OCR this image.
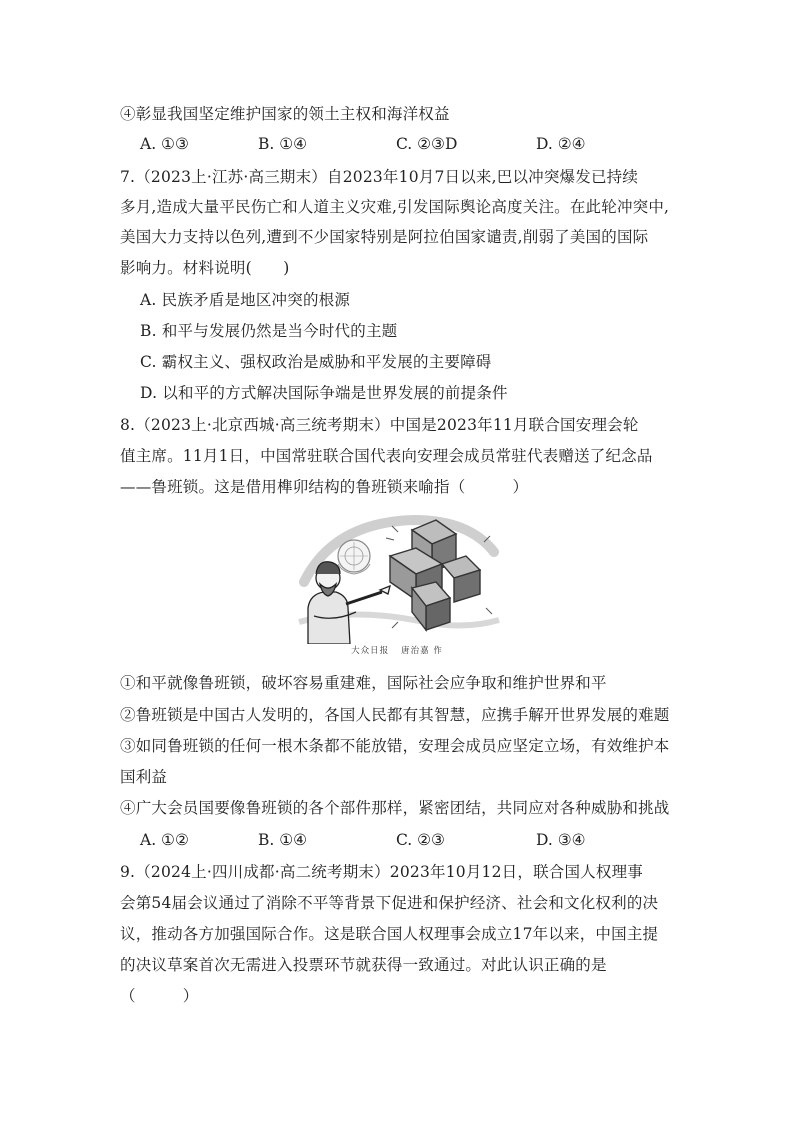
④彰显我国坚定维护国家的领土主权和海洋权益
A. ①③	B. ①④	C. ②③D	D. ②④
7.（2023上·江苏·高三期末）自2023年10月7日以来,巴以冲突爆发已持续
多月,造成大量平民伤亡和人道主义灾难,引发国际舆论高度关注。在此轮冲突中,
美国大力支持以色列,遭到不少国家特别是阿拉伯国家谴责,削弱了美国的国际
影响力。材料说明(　　)
A. 民族矛盾是地区冲突的根源
B. 和平与发展仍然是当今时代的主题
C. 霸权主义、强权政治是威胁和平发展的主要障碍
D. 以和平的方式解决国际争端是世界发展的前提条件
8.（2023上·北京西城·高三统考期末）中国是2023年11月联合国安理会轮
值主席。11月1日，中国常驻联合国代表向安理会成员常驻代表赠送了纪念品
——鲁班锁。这是借用榫卯结构的鲁班锁来喻指（　　　）
大众日报 唐治嘉 作
①和平就像鲁班锁，破坏容易重建难，国际社会应争取和维护世界和平
②鲁班锁是中国古人发明的，各国人民都有其智慧，应携手解开世界发展的难题
③如同鲁班锁的任何一根木条都不能放错，安理会成员应坚定立场，有效维护本
国利益
④广大会员国要像鲁班锁的各个部件那样，紧密团结，共同应对各种威胁和挑战
A. ①②	B. ①④	C. ②③	D. ③④
9.（2024上·四川成都·高二统考期末）2023年10月12日，联合国人权理事
会第54届会议通过了消除不平等背景下促进和保护经济、社会和文化权利的决
议，推动各方加强国际合作。这是联合国人权理事会成立17年以来，中国主提
的决议草案首次无需进入投票环节就获得一致通过。对此认识正确的是
（　　　）
